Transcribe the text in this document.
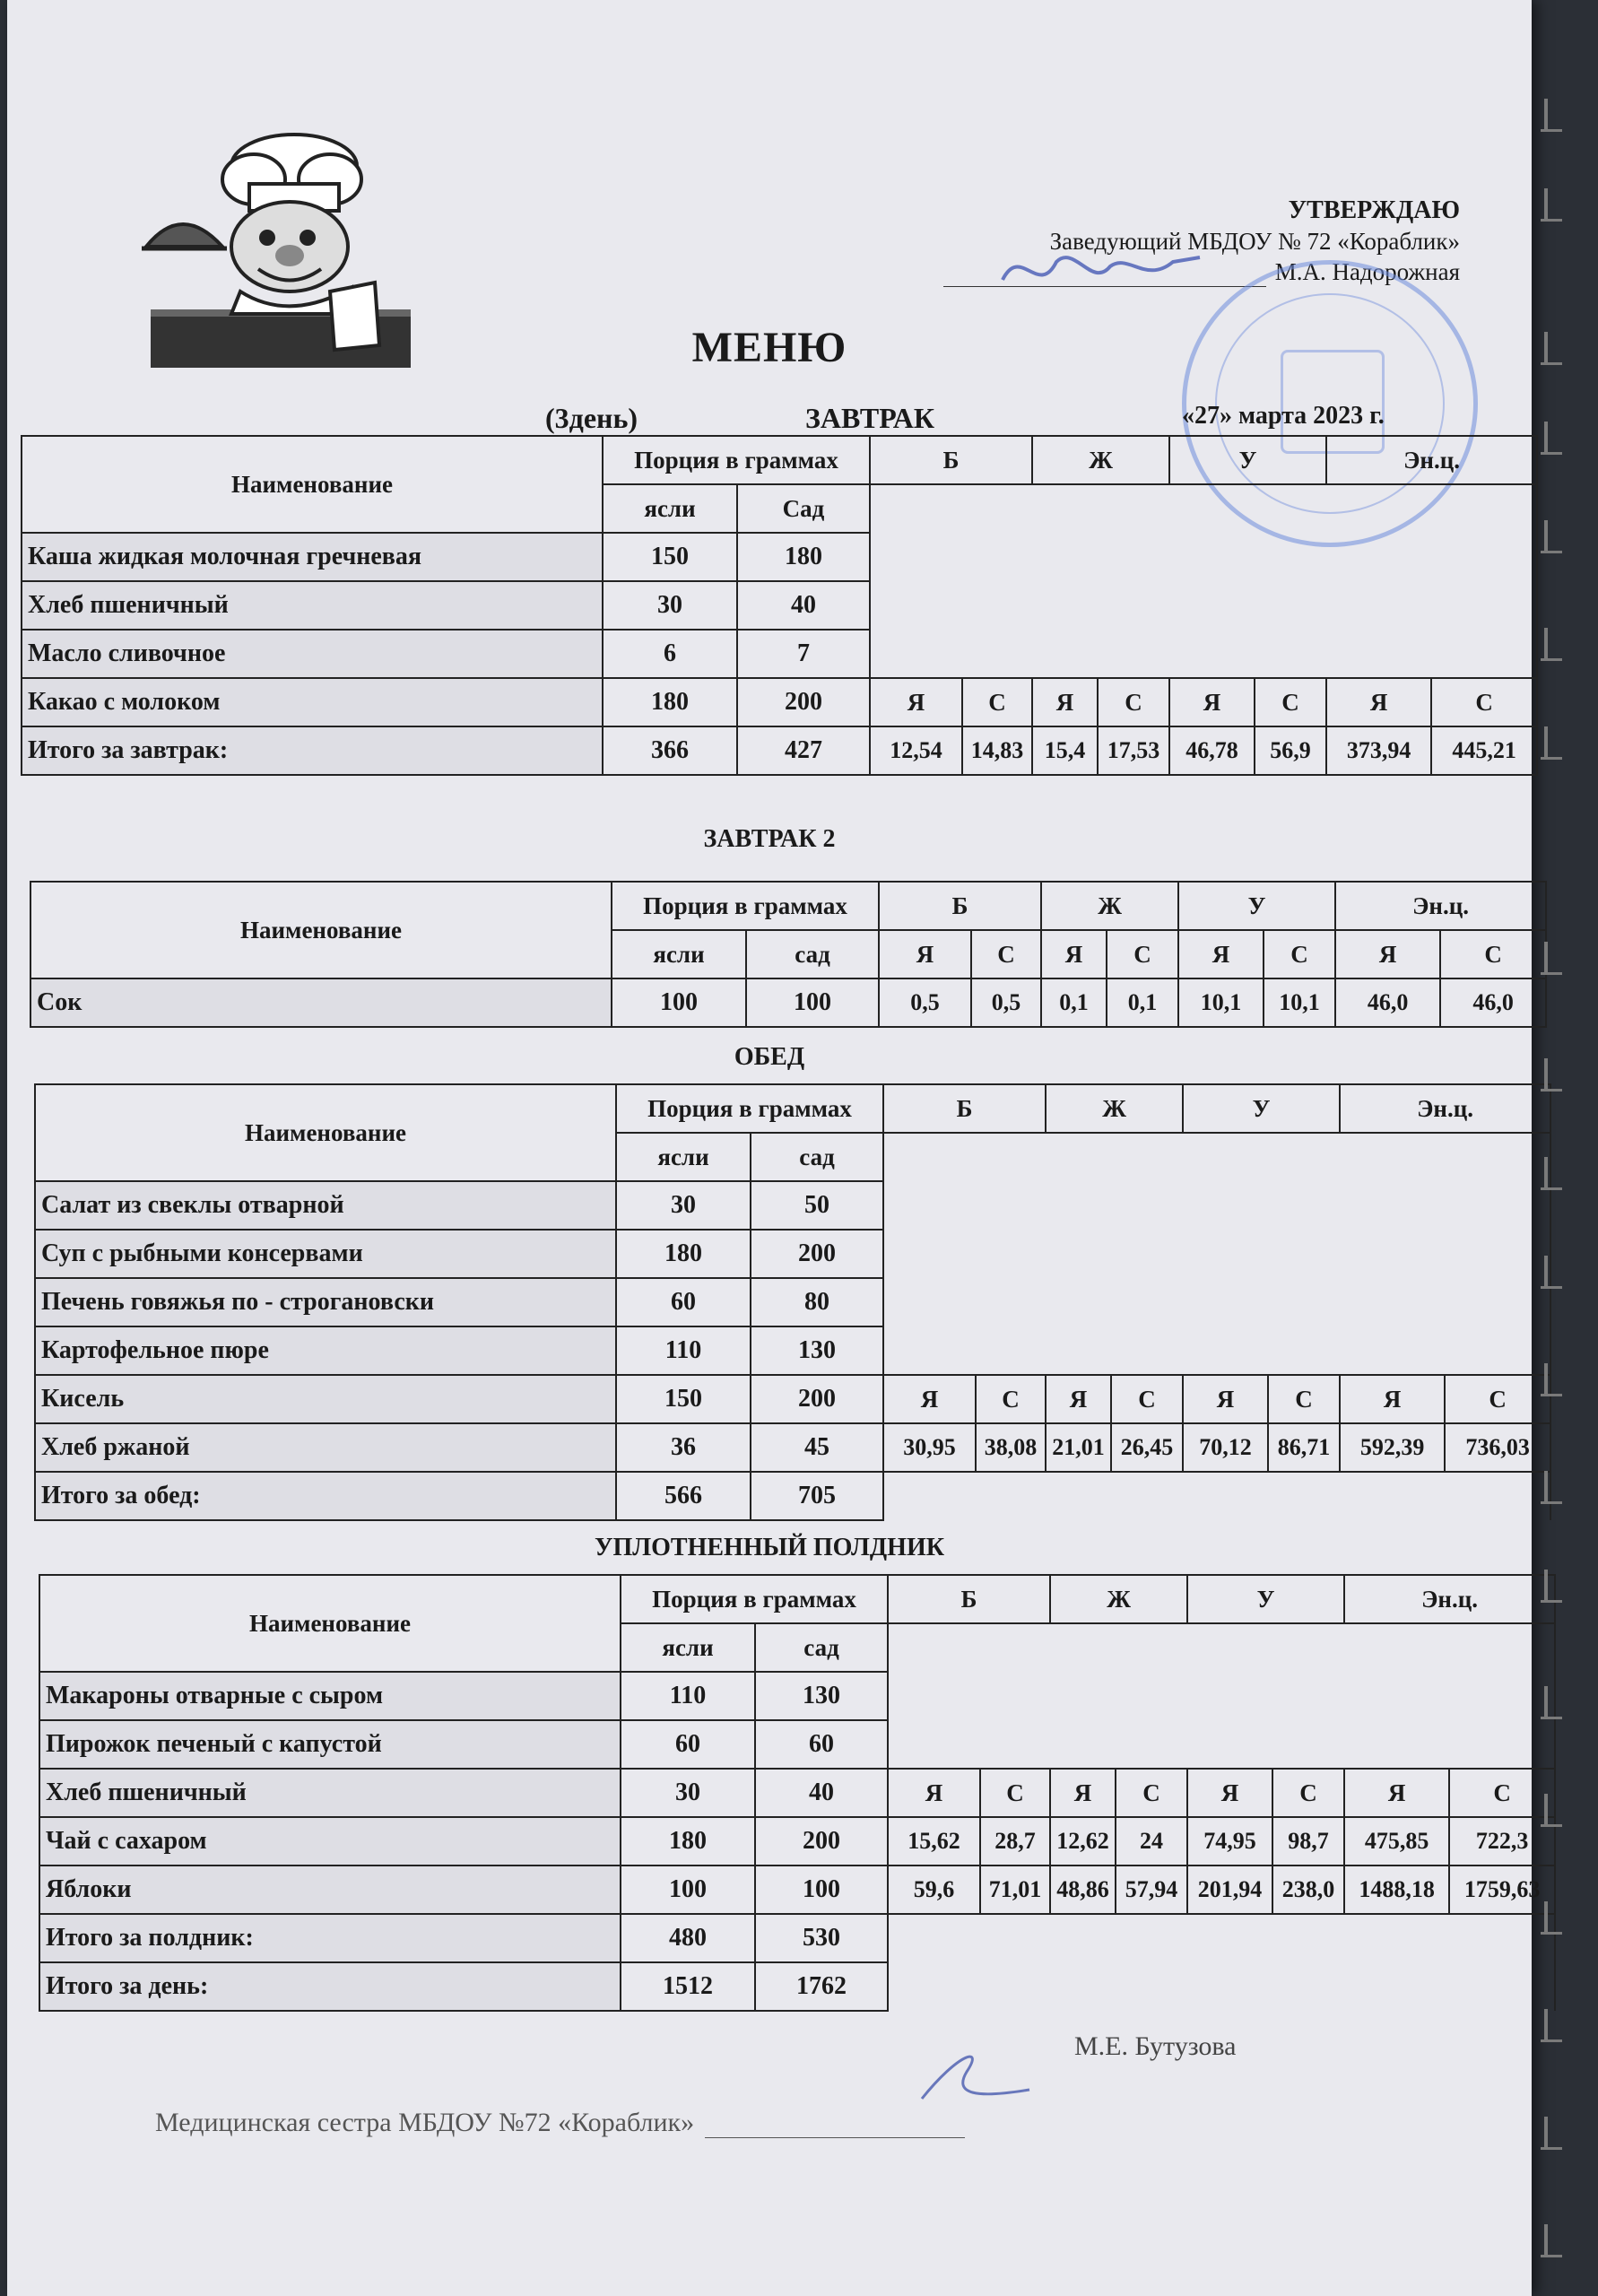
УТВЕРЖДАЮ
Заведующий МБДОУ № 72 «Кораблик»
М.А. Надорожная
МЕНЮ
(3день)	ЗАВТРАК	«27» марта 2023 г.
Наименование	Порция в граммах		Б		Ж		У		Эн.ц.	
	ясли	Сад								
Каша жидкая молочная гречневая	150	180								
Хлеб пшеничный	30	40								
Масло сливочное	6	7								
Какао с молоком	180	200	Я	С	Я	С	Я	С	Я	С
Итого за завтрак:	366	427	12,54	14,83	15,4	17,53	46,78	56,9	373,94	445,21
ЗАВТРАК 2
Наименование	Порция в граммах		Б		Ж		У		Эн.ц.	
	ясли	сад	Я	С	Я	С	Я	С	Я	С
Сок	100	100	0,5	0,5	0,1	0,1	10,1	10,1	46,0	46,0
ОБЕД
Наименование	Порция в граммах		Б		Ж		У		Эн.ц.	
	ясли	сад								
Салат из свеклы отварной	30	50								
Суп с рыбными консервами	180	200								
Печень говяжья по - строгановски	60	80								
Картофельное пюре	110	130								
Кисель	150	200	Я	С	Я	С	Я	С	Я	С
Хлеб ржаной	36	45	30,95	38,08	21,01	26,45	70,12	86,71	592,39	736,03
Итого за обед:	566	705								
УПЛОТНЕННЫЙ ПОЛДНИК
Наименование	Порция в граммах		Б		Ж		У		Эн.ц.	
	ясли	сад								
Макароны отварные с сыром	110	130								
Пирожок печеный с капустой	60	60								
Хлеб пшеничный	30	40	Я	С	Я	С	Я	С	Я	С
Чай с сахаром	180	200	15,62	28,7	12,62	24	74,95	98,7	475,85	722,3
Яблоки	100	100	59,6	71,01	48,86	57,94	201,94	238,0	1488,18	1759,63
Итого за полдник:	480	530								
Итого за день:	1512	1762								
М.Е. Бутузова
Медицинская сестра МБДОУ №72 «Кораблик»
